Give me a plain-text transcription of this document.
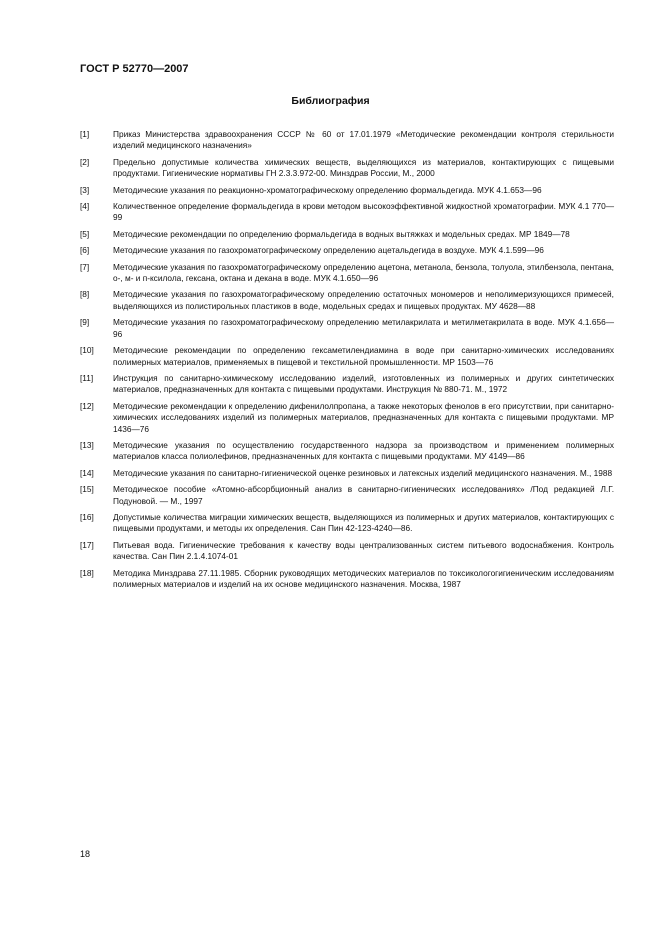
ГОСТ Р 52770—2007
Библиография
[1]	Приказ Министерства здравоохранения СССР № 60 от 17.01.1979 «Методические рекомендации контроля стерильности изделий медицинского назначения»
[2]	Предельно допустимые количества химических веществ, выделяющихся из материалов, контактирующих с пищевыми продуктами. Гигиенические нормативы ГН 2.3.3.972-00. Минздрав России, М., 2000
[3]	Методические указания по реакционно-хроматографическому определению формальдегида. МУК 4.1.653—96
[4]	Количественное определение формальдегида в крови методом высокоэффективной жидкостной хроматографии. МУК 4.1 770—99
[5]	Методические рекомендации по определению формальдегида в водных вытяжках и модельных средах. МР 1849—78
[6]	Методические указания по газохроматографическому определению ацетальдегида в воздухе. МУК 4.1.599—96
[7]	Методические указания по газохроматографическому определению ацетона, метанола, бензола, толуола, этилбензола, пентана, о-, м- и п-ксилола, гексана, октана и декана в воде. МУК 4.1.650—96
[8]	Методические указания по газохроматографическому определению остаточных мономеров и неполимеризующихся примесей, выделяющихся из полистирольных пластиков в воде, модельных средах и пищевых продуктах. МУ 4628—88
[9]	Методические указания по газохроматографическому определению метилакрилата и метилметакрилата в воде. МУК 4.1.656—96
[10]	Методические рекомендации по определению гексаметилендиамина в воде при санитарно-химических исследованиях полимерных материалов, применяемых в пищевой и текстильной промышленности. МР 1503—76
[11]	Инструкция по санитарно-химическому исследованию изделий, изготовленных из полимерных и других синтетических материалов, предназначенных для контакта с пищевыми продуктами. Инструкция № 880-71. М., 1972
[12]	Методические рекомендации к определению дифенилолпропана, а также некоторых фенолов в его присутствии, при санитарно-химических исследованиях изделий из полимерных материалов, предназначенных для контакта с пищевыми продуктами. МР 1436—76
[13]	Методические указания по осуществлению государственного надзора за производством и применением полимерных материалов класса полиолефинов, предназначенных для контакта с пищевыми продуктами. МУ 4149—86
[14]	Методические указания по санитарно-гигиенической оценке резиновых и латексных изделий медицинского назначения. М., 1988
[15]	Методическое пособие «Атомно-абсорбционный анализ в санитарно-гигиенических исследованиях» /Под редакцией Л.Г. Подуновой. — М., 1997
[16]	Допустимые количества миграции химических веществ, выделяющихся из полимерных и других материалов, контактирующих с пищевыми продуктами, и методы их определения. Сан Пин 42-123-4240—86.
[17]	Питьевая вода. Гигиенические требования к качеству воды централизованных систем питьевого водоснабжения. Контроль качества. Сан Пин 2.1.4.1074-01
[18]	Методика Минздрава 27.11.1985. Сборник руководящих методических материалов по токсикологогигиеническим исследованиям полимерных материалов и изделий на их основе медицинского назначения. Москва, 1987
18
